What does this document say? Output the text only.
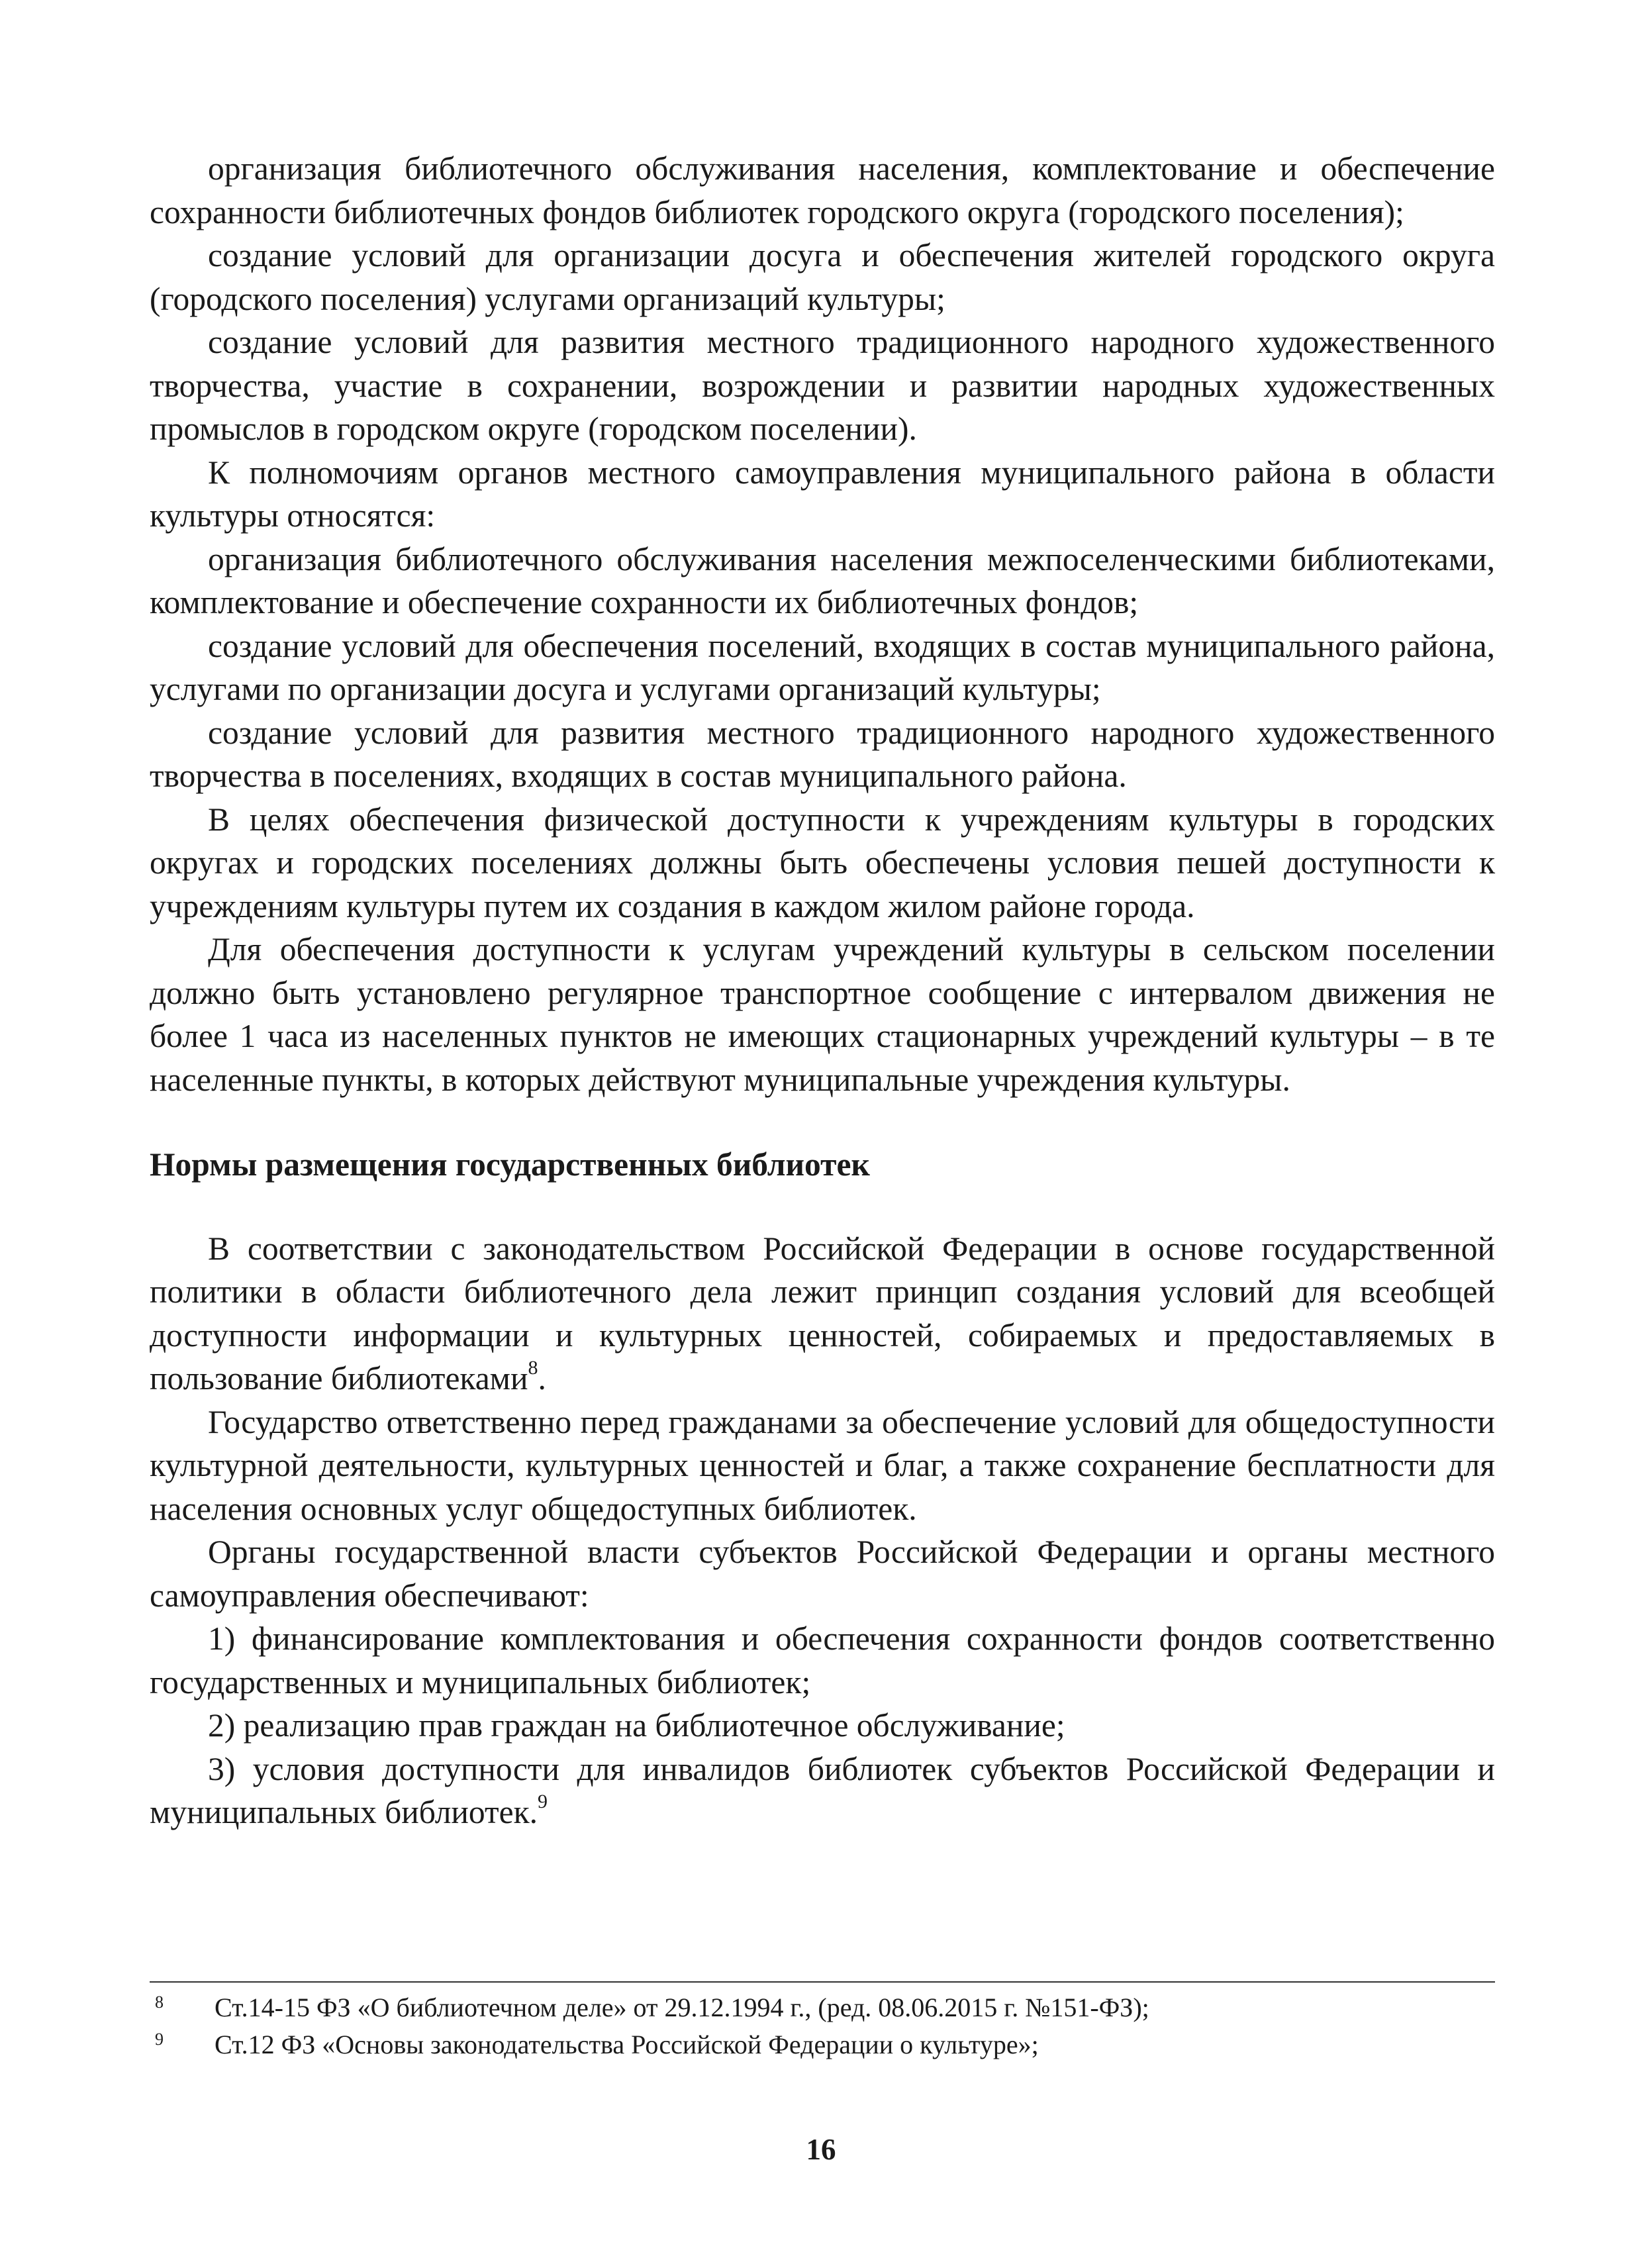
организация библиотечного обслуживания населения, комплектование и обеспечение сохранности библиотечных фондов библиотек городского округа (городского поселения);

создание условий для организации досуга и обеспечения жителей городского округа (городского поселения) услугами организаций культуры;

создание условий для развития местного традиционного народного художественного творчества, участие в сохранении, возрождении и развитии народных художественных промыслов в городском округе (городском поселении).

К полномочиям органов местного самоуправления муниципального района в области культуры относятся:

организация библиотечного обслуживания населения межпоселенческими библиотеками, комплектование и обеспечение сохранности их библиотечных фондов;

создание условий для обеспечения поселений, входящих в состав муниципального района, услугами по организации досуга и услугами организаций культуры;

создание условий для развития местного традиционного народного художественного творчества в поселениях, входящих в состав муниципального района.

В целях обеспечения физической доступности к учреждениям культуры в городских округах и городских поселениях должны быть обеспечены условия пешей доступности к учреждениям культуры путем их создания в каждом жилом районе города.

Для обеспечения доступности к услугам учреждений культуры в сельском поселении должно быть установлено регулярное транспортное сообщение с интервалом движения не более 1 часа из населенных пунктов не имеющих стационарных учреждений культуры – в те населенные пункты, в которых действуют муниципальные учреждения культуры.

Нормы размещения государственных библиотек

В соответствии с законодательством Российской Федерации в основе государственной политики в области библиотечного дела лежит принцип создания условий для всеобщей доступности информации и культурных ценностей, собираемых и предоставляемых в пользование библиотеками$^8$.

Государство ответственно перед гражданами за обеспечение условий для общедоступности культурной деятельности, культурных ценностей и благ, а также сохранение бесплатности для населения основных услуг общедоступных библиотек.

Органы государственной власти субъектов Российской Федерации и органы местного самоуправления обеспечивают:

1) финансирование комплектования и обеспечения сохранности фондов соответственно государственных и муниципальных библиотек;

2) реализацию прав граждан на библиотечное обслуживание;

3) условия доступности для инвалидов библиотек субъектов Российской Федерации и муниципальных библиотек.$^9$

8	Ст.14-15 ФЗ «О библиотечном деле» от 29.12.1994 г., (ред. 08.06.2015 г. №151-ФЗ);
9	Ст.12 ФЗ «Основы законодательства Российской Федерации о культуре»;
16
